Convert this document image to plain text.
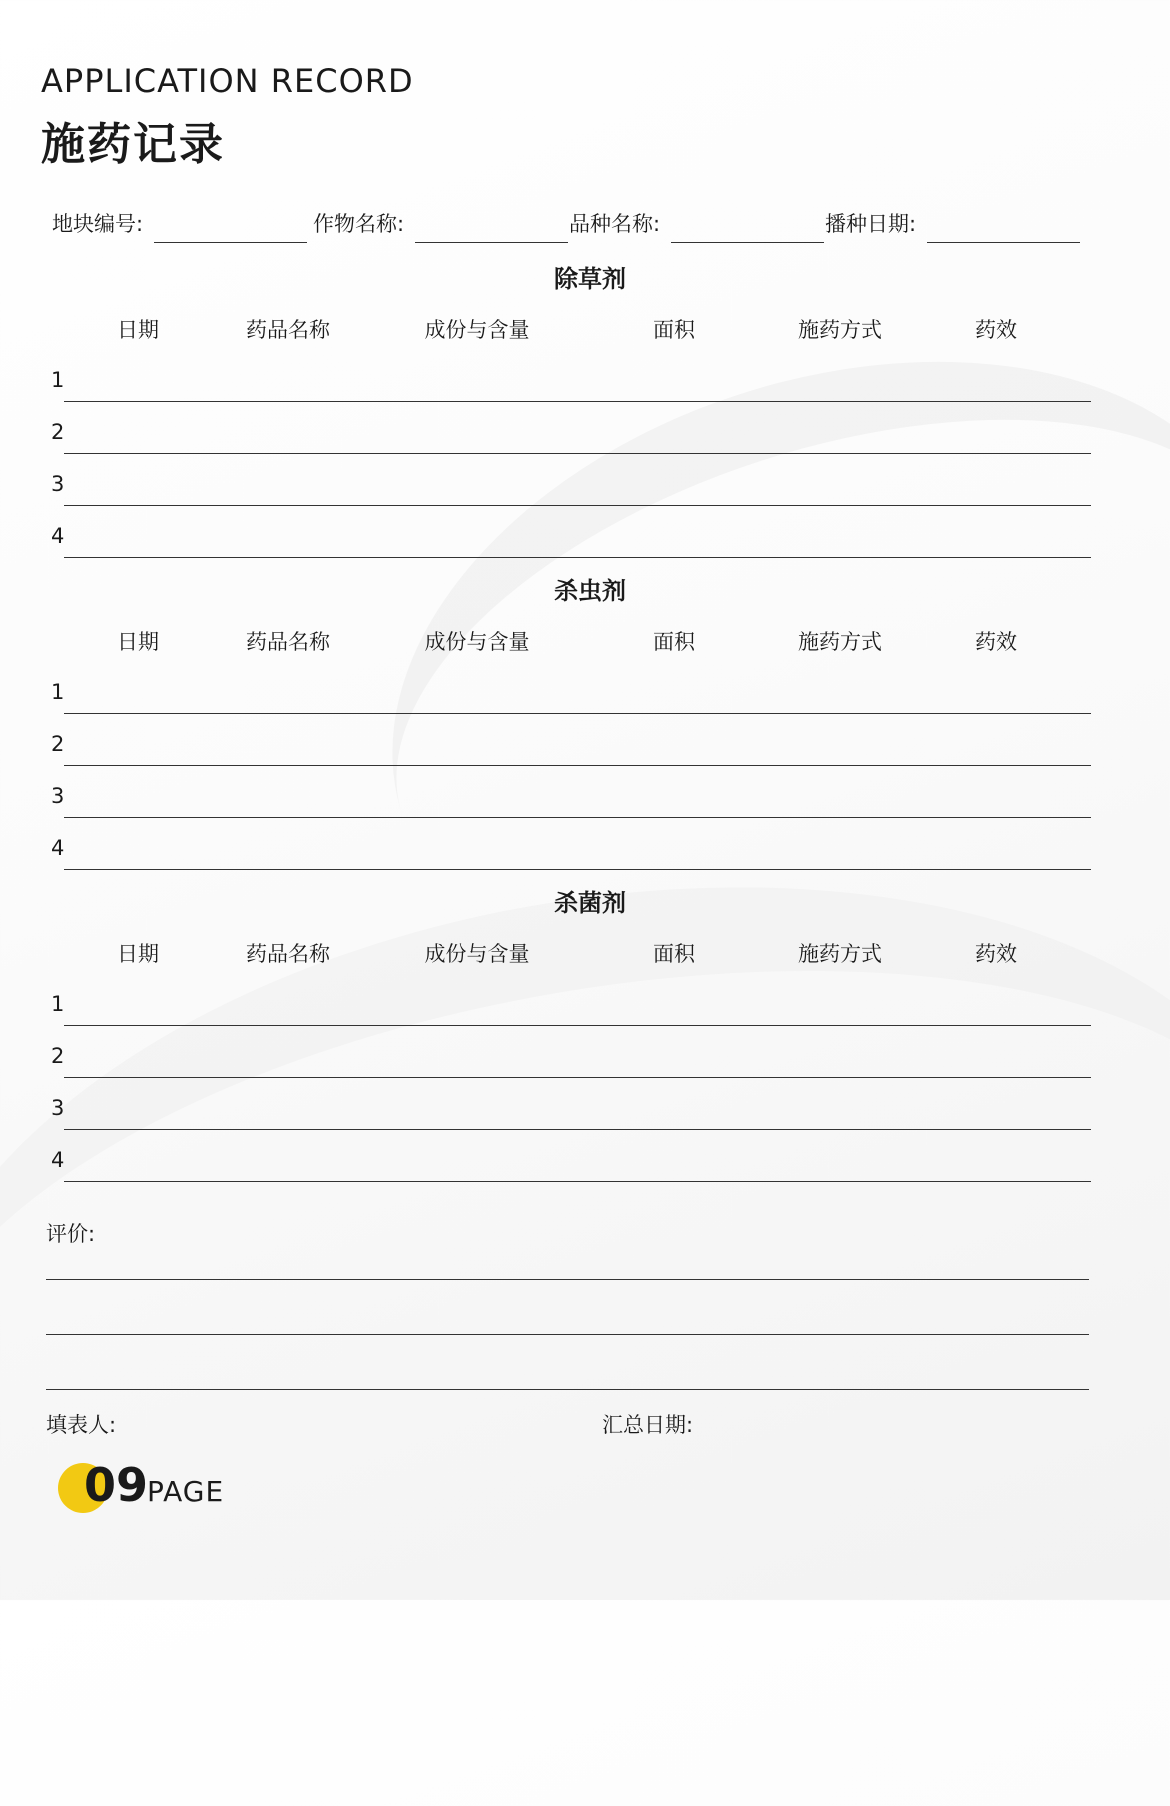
APPLICATION RECORD
施药记录
地块编号:	作物名称:	品种名称:	播种日期:
除草剂
日期	药品名称	成份与含量	面积	施药方式	药效
1
2
3
4
杀虫剂
日期	药品名称	成份与含量	面积	施药方式	药效
1
2
3
4
杀菌剂
日期	药品名称	成份与含量	面积	施药方式	药效
1
2
3
4
评价:
填表人:	汇总日期:
09
PAGE
